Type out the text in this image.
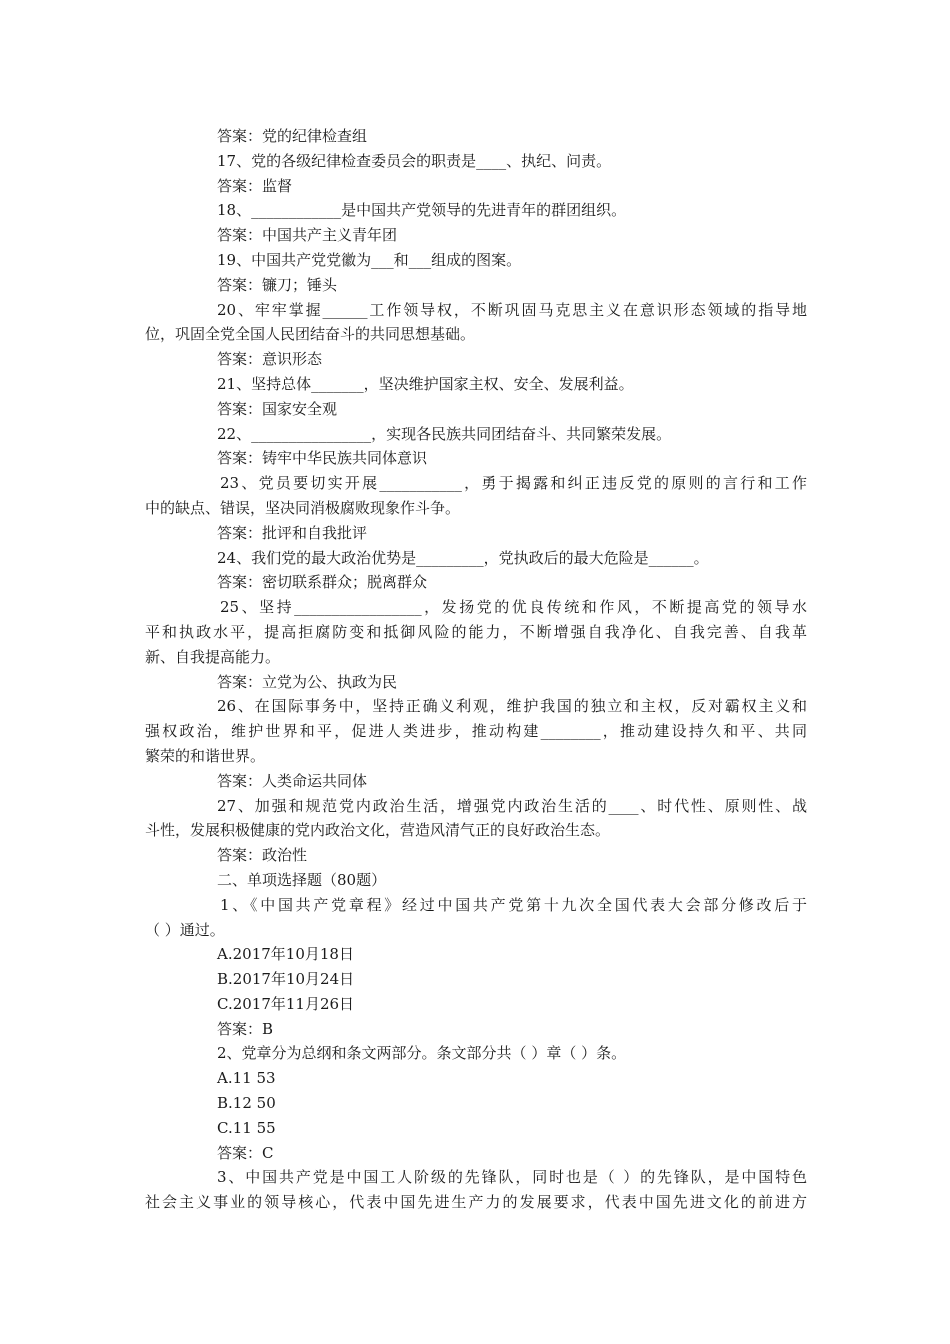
答案：党的纪律检查组
17、党的各级纪律检查委员会的职责是____、执纪、问责。
答案：监督
18、____________是中国共产党领导的先进青年的群团组织。
答案：中国共产主义青年团
19、中国共产党党徽为___和___组成的图案。
答案：镰刀；锤头
20、牢牢掌握______工作领导权，不断巩固马克思主义在意识形态领域的指导地
位，巩固全党全国人民团结奋斗的共同思想基础。
答案：意识形态
21、坚持总体_______，坚决维护国家主权、安全、发展利益。
答案：国家安全观
22、________________，实现各民族共同团结奋斗、共同繁荣发展。
答案：铸牢中华民族共同体意识
23、党员要切实开展___________，勇于揭露和纠正违反党的原则的言行和工作
中的缺点、错误，坚决同消极腐败现象作斗争。
答案：批评和自我批评
24、我们党的最大政治优势是_________，党执政后的最大危险是______。
答案：密切联系群众；脱离群众
25、坚持_________________，发扬党的优良传统和作风，不断提高党的领导水
平和执政水平，提高拒腐防变和抵御风险的能力，不断增强自我净化、自我完善、自我革
新、自我提高能力。
答案：立党为公、执政为民
26、在国际事务中，坚持正确义利观，维护我国的独立和主权，反对霸权主义和
强权政治，维护世界和平，促进人类进步，推动构建________，推动建设持久和平、共同
繁荣的和谐世界。
答案：人类命运共同体
27、加强和规范党内政治生活，增强党内政治生活的____、时代性、原则性、战
斗性，发展积极健康的党内政治文化，营造风清气正的良好政治生态。
答案：政治性
二、单项选择题（80题）
1、《中国共产党章程》经过中国共产党第十九次全国代表大会部分修改后于
（ ）通过。
A.2017年10月18日
B.2017年10月24日
C.2017年11月26日
答案：B
2、党章分为总纲和条文两部分。条文部分共（ ）章（ ）条。
A.11 53
B.12 50
C.11 55
答案：C
3、中国共产党是中国工人阶级的先锋队，同时也是（ ）的先锋队，是中国特色
社会主义事业的领导核心，代表中国先进生产力的发展要求，代表中国先进文化的前进方
